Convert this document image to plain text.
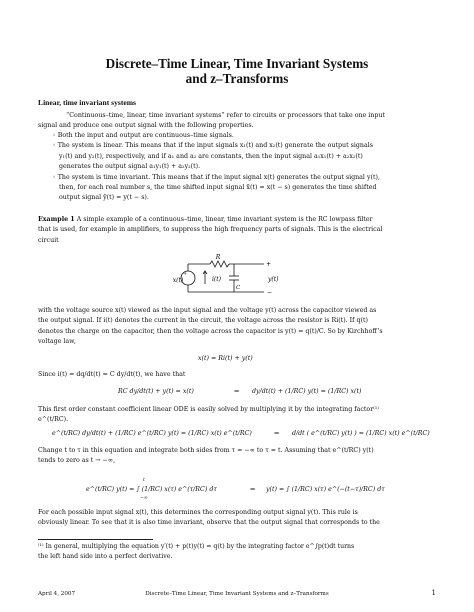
Discrete–Time Linear, Time Invariant Systems
and z–Transforms
Linear, time invariant systems
“Continuous–time, linear, time invariant systems” refer to circuits or processors that take one input
signal and produce one output signal with the following properties.
◦ Both the input and output are continuous–time signals.
◦ The system is linear. This means that if the input signals x₁(t) and x₂(t) generate the output signals
y₁(t) and y₂(t), respectively, and if a₁ and a₂ are constants, then the input signal a₁x₁(t) + a₂x₂(t)
generates the output signal a₁y₁(t) + a₂y₂(t).
◦ The system is time invariant. This means that if the input signal x(t) generates the output signal y(t),
then, for each real number s, the time shifted input signal x̃(t) = x(t − s) generates the time shifted
output signal ỹ(t) = y(t − s).
Example 1 A simple example of a continuous–time, linear, time invariant system is the RC lowpass filter
that is used, for example in amplifiers, to suppress the high frequency parts of signals. This is the electrical
circuit
x(t)
R
C
i(t)
+
−
y(t)
+
with the voltage source x(t) viewed as the input signal and the voltage y(t) across the capacitor viewed as
the output signal. If i(t) denotes the current in the circuit, the voltage across the resistor is Ri(t). If q(t)
denotes the charge on the capacitor, then the voltage across the capacitor is y(t) = q(t)/C. So by Kirchhoff’s
voltage law,
x(t) = Ri(t) + y(t)
Since i(t) = dq/dt(t) = C dy/dt(t), we have that
RC dy/dt(t) + y(t) = x(t)	⇒ dy/dt(t) + (1/RC) y(t) = (1/RC) x(t)
This first order constant coefficient linear ODE is easily solved by multiplying it by the integrating factor⁽¹⁾
e^(t/RC).
e^(t/RC) dy/dt(t) + (1/RC) e^(t/RC) y(t) = (1/RC) x(t) e^(t/RC)	⇒ d/dt ( e^(t/RC) y(t) ) = (1/RC) x(t) e^(t/RC)
Change t to τ in this equation and integrate both sides from τ = −∞ to τ = t. Assuming that e^(t/RC) y(t)
tends to zero as t → −∞,
e^(t/RC) y(t) = ∫ (1/RC) x(τ) e^(τ/RC) dτ	⇒ y(t) = ∫ (1/RC) x(τ) e^(−(t−τ)/RC) dτ
t
−∞
For each possible input signal x(t), this determines the corresponding output signal y(t). This rule is
obviously linear. To see that it is also time invariant, observe that the output signal that corresponds to the
⁽¹⁾ In general, multiplying the equation y′(t) + p(t)y(t) = q(t) by the integrating factor e^∫p(t)dt turns
the left hand side into a perfect derivative.
April 4, 2007	Discrete–Time Linear, Time Invariant Systems and z–Transforms	1
